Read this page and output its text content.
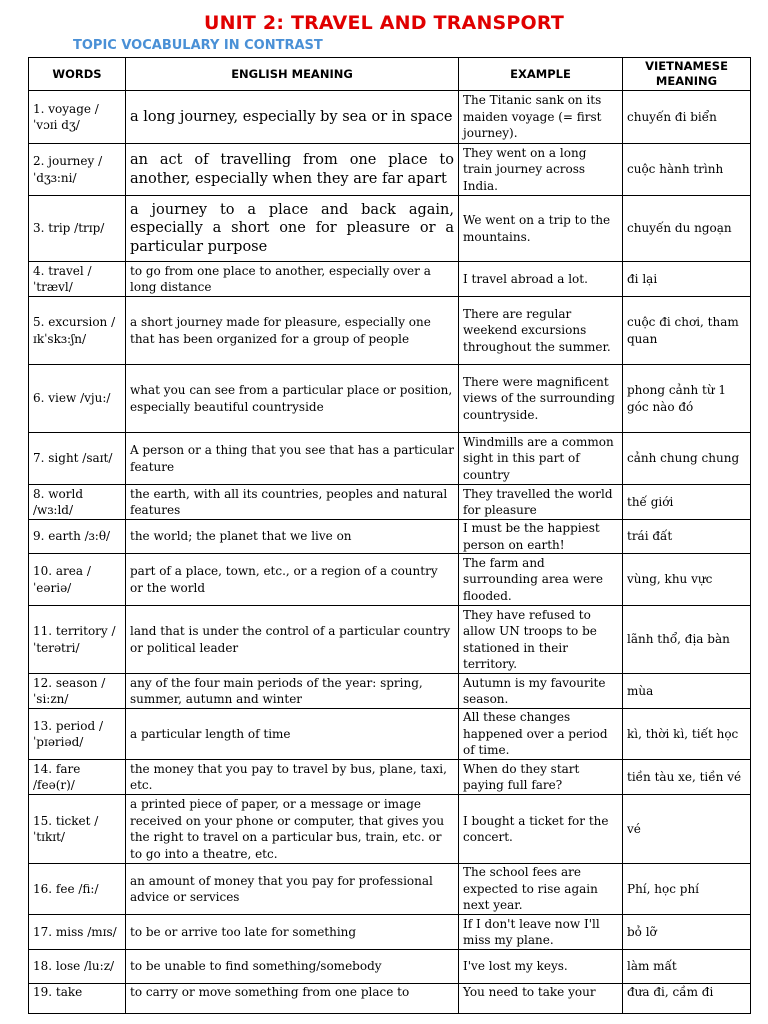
UNIT 2: TRAVEL AND TRANSPORT
TOPIC VOCABULARY IN CONTRAST
WORDS	ENGLISH MEANING	EXAMPLE	VIETNAMESE MEANING
1. voyage /ˈvɔɪi dʒ/	a long journey, especially by sea or in space	The Titanic sank on its maiden voyage (= first journey).	chuyến đi biển
2. journey /ˈdʒɜ:ni/	an act of travelling from one place to another, especially when they are far apart	They went on a long train journey across India.	cuộc hành trình
3. trip /trɪp/	a journey to a place and back again, especially a short one for pleasure or a particular purpose	We went on a trip to the mountains.	chuyến du ngoạn
4. travel /ˈtrævl/	to go from one place to another, especially over a long distance	I travel abroad a lot.	đi lại
5. excursion /ɪkˈskɜ:ʃn/	a short journey made for pleasure, especially one that has been organized for a group of people	There are regular weekend excursions throughout the summer.	cuộc đi chơi, tham quan
6. view /vju:/	what you can see from a particular place or position, especially beautiful countryside	There were magnificent views of the surrounding countryside.	phong cảnh từ 1 góc nào đó
7. sight /saɪt/	A person or a thing that you see that has a particular feature	Windmills are a common sight in this part of country	cảnh chung chung
8. world /wɜ:ld/	the earth, with all its countries, peoples and natural features	They travelled the world for pleasure	thế giới
9. earth /ɜ:θ/	the world; the planet that we live on	I must be the happiest person on earth!	trái đất
10. area /ˈeəriə/	part of a place, town, etc., or a region of a country or the world	The farm and surrounding area were flooded.	vùng, khu vực
11. territory /ˈterətri/	land that is under the control of a particular country or political leader	They have refused to allow UN troops to be stationed in their territory.	lãnh thổ, địa bàn
12. season /ˈsi:zn/	any of the four main periods of the year: spring, summer, autumn and winter	Autumn is my favourite season.	mùa
13. period /ˈpɪəriəd/	a particular length of time	All these changes happened over a period of time.	kì, thời kì, tiết học
14. fare /feə(r)/	the money that you pay to travel by bus, plane, taxi, etc.	When do they start paying full fare?	tiền tàu xe, tiền vé
15. ticket /ˈtɪkɪt/	a printed piece of paper, or a message or image received on your phone or computer, that gives you the right to travel on a particular bus, train, etc. or to go into a theatre, etc.	I bought a ticket for the concert.	vé
16. fee /fi:/	an amount of money that you pay for professional advice or services	The school fees are expected to rise again next year.	Phí, học phí
17. miss /mɪs/	to be or arrive too late for something	If I don't leave now I'll miss my plane.	bỏ lỡ
18. lose /lu:z/	to be unable to find something/somebody	I've lost my keys.	làm mất
19. take	to carry or move something from one place to	You need to take your	đưa đi, cầm đi
